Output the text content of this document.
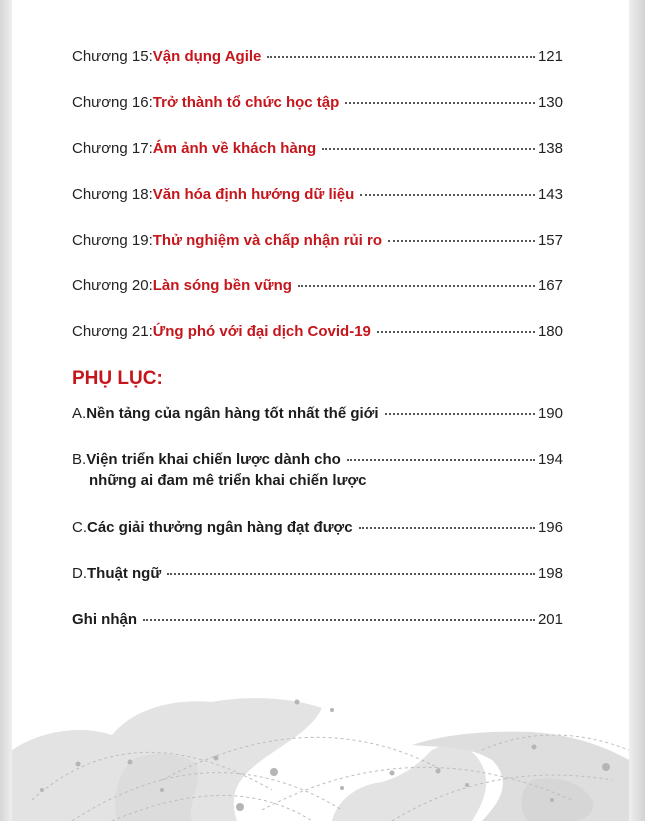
Chương 15: Vận dụng Agile	121
Chương 16: Trở thành tổ chức học tập	130
Chương 17: Ám ảnh về khách hàng	138
Chương 18: Văn hóa định hướng dữ liệu	143
Chương 19: Thử nghiệm và chấp nhận rủi ro	157
Chương 20: Làn sóng bền vững	167
Chương 21: Ứng phó với đại dịch Covid-19	180
PHỤ LỤC:
A. Nền tảng của ngân hàng tốt nhất thế giới	190
B. Viện triển khai chiến lược dành cho	194
những ai đam mê triển khai chiến lược
C. Các giải thưởng ngân hàng đạt được	196
D. Thuật ngữ	198
Ghi nhận	201
